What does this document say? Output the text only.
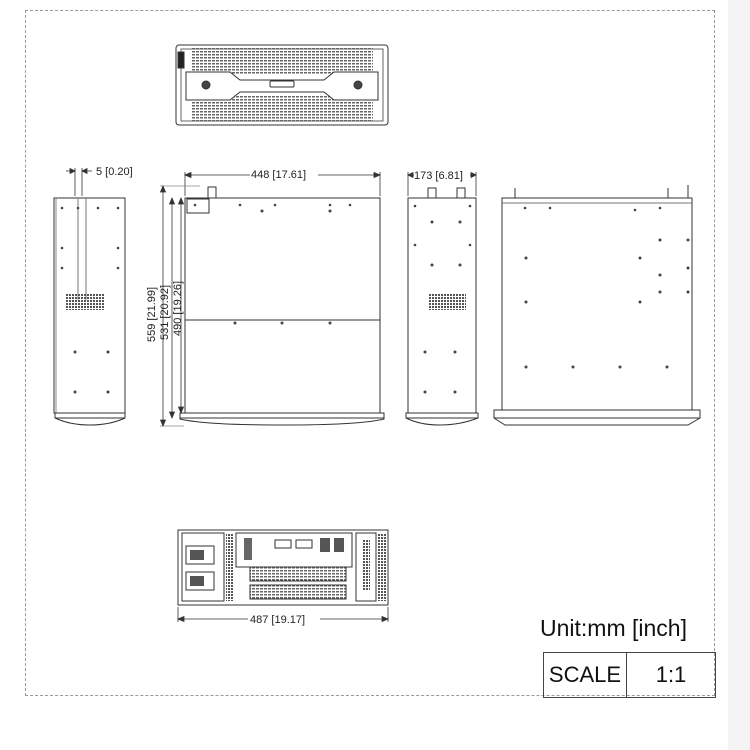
5 [0.20]	448 [17.61]	173 [6.81]
559 [21.99] 531 [20.92] 490 [19.26]
487 [19.17]	Unit:mm [inch]
SCALE	1:1
